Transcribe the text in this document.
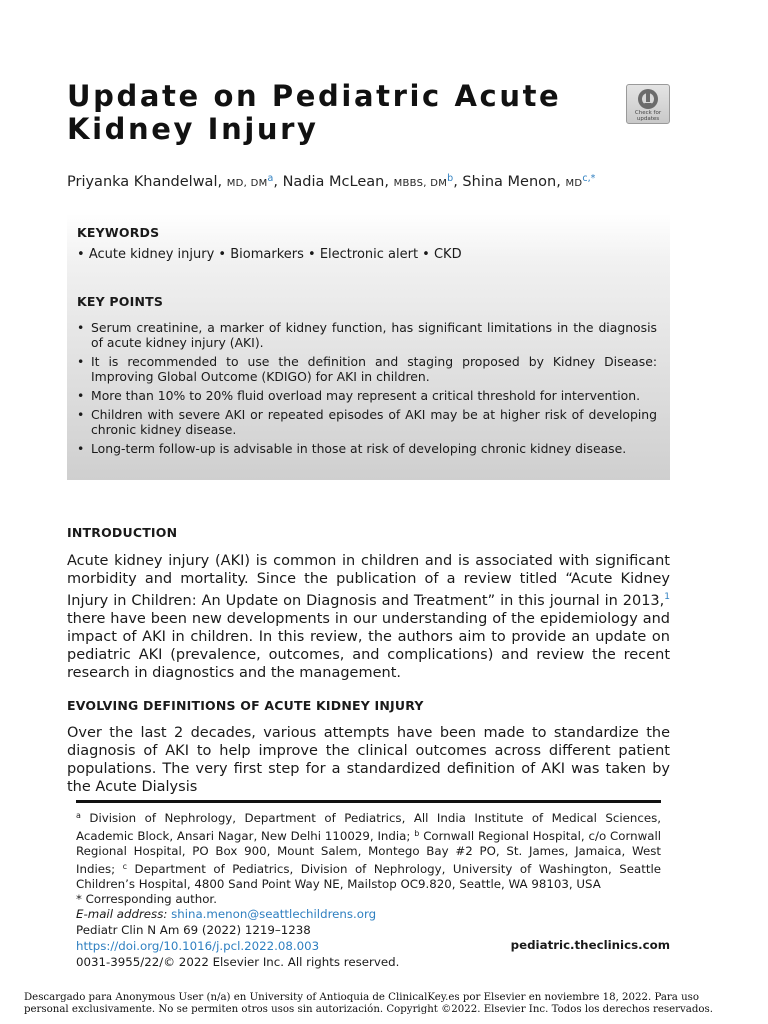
Update on Pediatric Acute
Kidney Injury	Check for
updates
Priyanka Khandelwal, MD, $DM^a$, Nadia McLean, MBBS, $DM^b$, Shina Menon, $MD^{c,*}$
KEYWORDS
• Acute kidney injury • Biomarkers • Electronic alert • CKD
KEY POINTS
• Serum creatinine, a marker of kidney function, has significant limitations in the diagnosis of acute kidney injury (AKI).
• It is recommended to use the definition and staging proposed by Kidney Disease: Improving Global Outcome (KDIGO) for AKI in children.
• More than 10% to 20% fluid overload may represent a critical threshold for intervention.
• Children with severe AKI or repeated episodes of AKI may be at higher risk of developing chronic kidney disease.
• Long-term follow-up is advisable in those at risk of developing chronic kidney disease.
INTRODUCTION

Acute kidney injury (AKI) is common in children and is associated with significant morbidity and mortality. Since the publication of a review titled “Acute Kidney Injury in Children: An Update on Diagnosis and Treatment” in this journal in 2013,$^1$ there have been new developments in our understanding of the epidemiology and impact of AKI in children. In this review, the authors aim to provide an update on pediatric AKI (prevalence, outcomes, and complications) and review the recent research in diagnostics and the management.

EVOLVING DEFINITIONS OF ACUTE KIDNEY INJURY

Over the last 2 decades, various attempts have been made to standardize the diagnosis of AKI to help improve the clinical outcomes across different patient populations. The very first step for a standardized definition of AKI was taken by the Acute Dialysis

$^a$ Division of Nephrology, Department of Pediatrics, All India Institute of Medical Sciences, Academic Block, Ansari Nagar, New Delhi 110029, India; $^b$ Cornwall Regional Hospital, c/o Cornwall Regional Hospital, PO Box 900, Mount Salem, Montego Bay #2 PO, St. James, Jamaica, West Indies; $^c$ Department of Pediatrics, Division of Nephrology, University of Washington, Seattle Children’s Hospital, 4800 Sand Point Way NE, Mailstop OC9.820, Seattle, WA 98103, USA
* Corresponding author.
E-mail address: shina.menon@seattlechildrens.org
Pediatr Clin N Am 69 (2022) 1219–1238
https://doi.org/10.1016/j.pcl.2022.08.003
0031-3955/22/© 2022 Elsevier Inc. All rights reserved.
pediatric.theclinics.com
Descargado para Anonymous User (n/a) en University of Antioquia de ClinicalKey.es por Elsevier en noviembre 18, 2022. Para uso personal exclusivamente. No se permiten otros usos sin autorización. Copyright ©2022. Elsevier Inc. Todos los derechos reservados.
